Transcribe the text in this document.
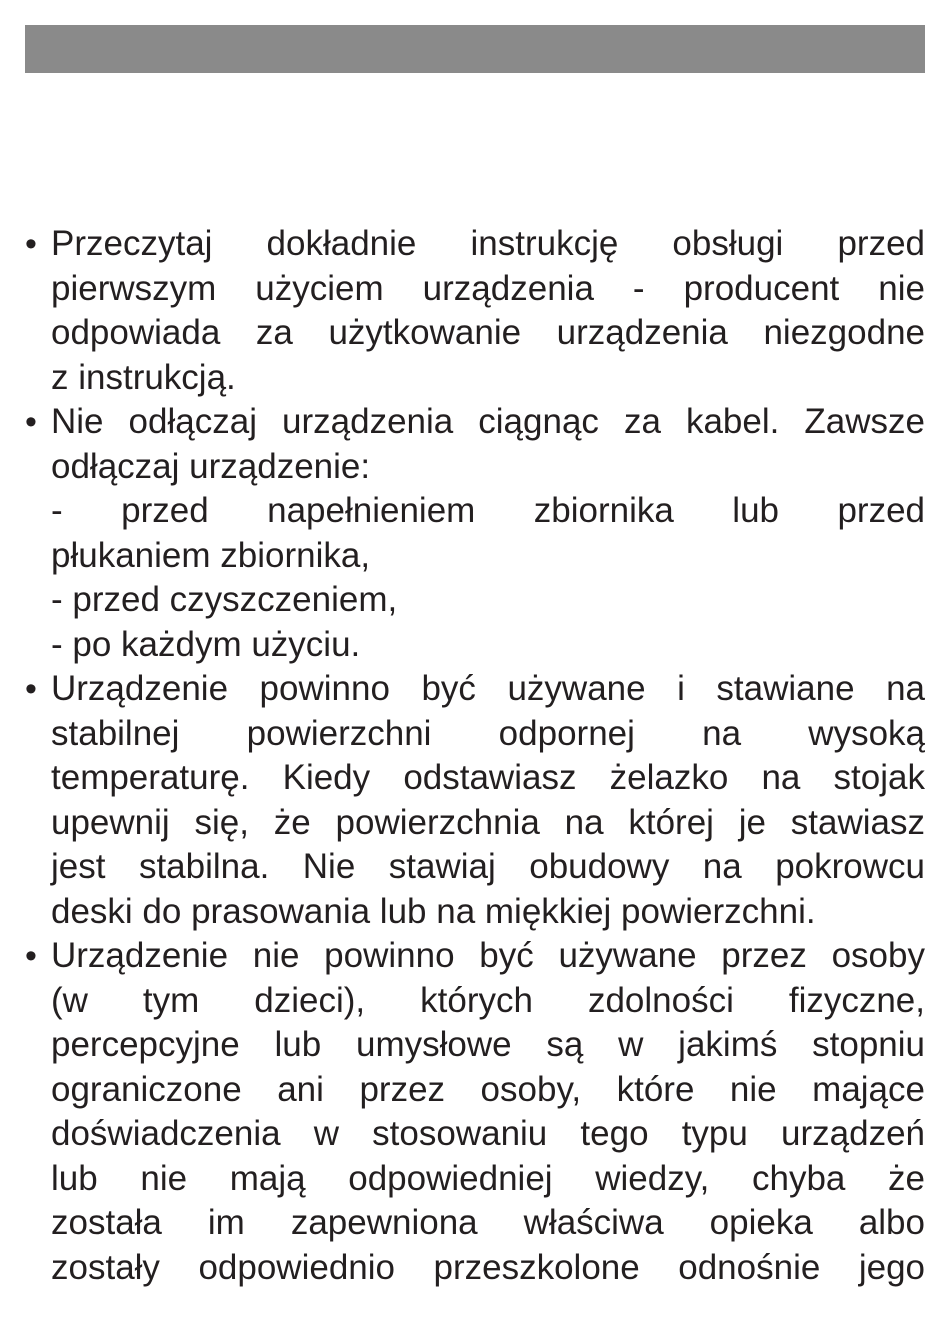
• Przeczytaj dokładnie instrukcję obsługi przed
pierwszym użyciem urządzenia - producent nie
odpowiada za użytkowanie urządzenia niezgodne
z instrukcją.
• Nie odłączaj urządzenia ciągnąc za kabel. Zawsze
odłączaj urządzenie:
- przed napełnieniem zbiornika lub przed
płukaniem zbiornika,
- przed czyszczeniem,
- po każdym użyciu.
• Urządzenie powinno być używane i stawiane na
stabilnej powierzchni odpornej na wysoką
temperaturę. Kiedy odstawiasz żelazko na stojak
upewnij się, że powierzchnia na której je stawiasz
jest stabilna. Nie stawiaj obudowy na pokrowcu
deski do prasowania lub na miękkiej powierzchni.
• Urządzenie nie powinno być używane przez osoby
(w tym dzieci), których zdolności fizyczne,
percepcyjne lub umysłowe są w jakimś stopniu
ograniczone ani przez osoby, które nie mające
doświadczenia w stosowaniu tego typu urządzeń
lub nie mają odpowiedniej wiedzy, chyba że
została im zapewniona właściwa opieka albo
zostały odpowiednio przeszkolone odnośnie jego
